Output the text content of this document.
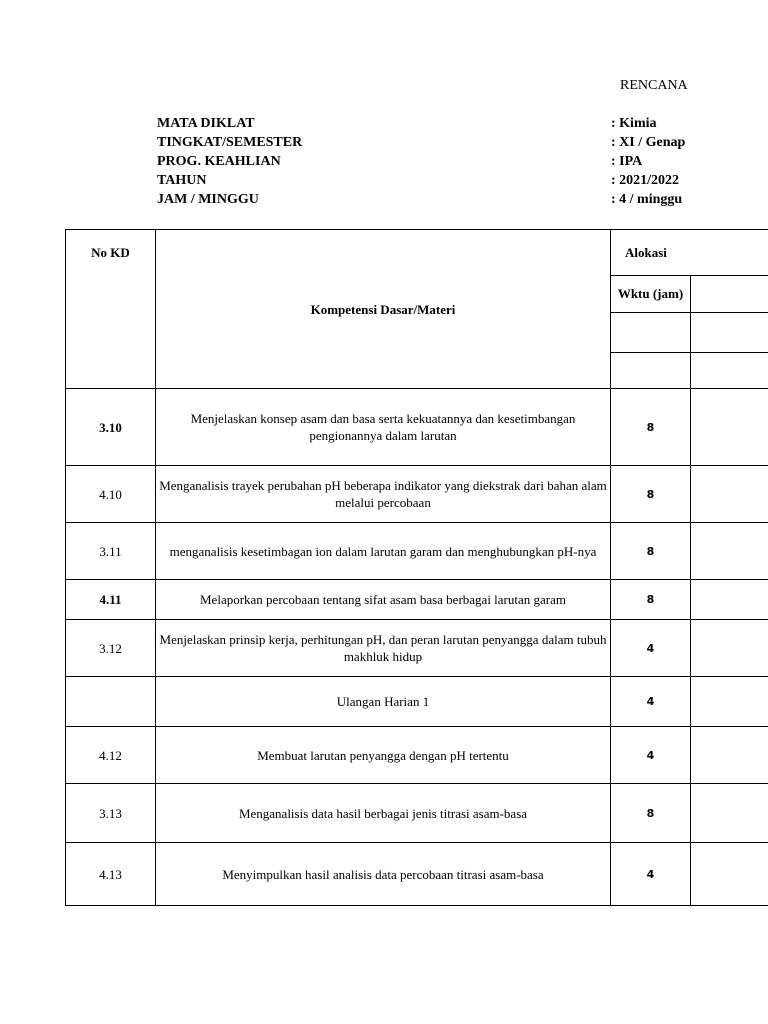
RENCANA
MATA DIKLAT	: Kimia
TINGKAT/SEMESTER	: XI / Genap
PROG. KEAHLIAN	: IPA
TAHUN	: 2021/2022
JAM / MINGGU	: 4 / minggu
No KD	Kompetensi Dasar/Materi	Alokasi	
		Wktu (jam)	

3.10	Menjelaskan konsep asam dan basa serta kekuatannya dan kesetimbangan pengionannya dalam larutan	8	
4.10	Menganalisis trayek perubahan pH beberapa indikator yang diekstrak dari bahan alam melalui percobaan	8	
3.11	menganalisis kesetimbagan ion dalam larutan garam dan menghubungkan pH-nya	8	
4.11	Melaporkan percobaan tentang sifat asam basa berbagai larutan garam	8	
3.12	Menjelaskan prinsip kerja, perhitungan pH, dan peran larutan penyangga dalam tubuh makhluk hidup	4	
	Ulangan Harian 1	4	
4.12	Membuat larutan penyangga dengan pH tertentu	4	
3.13	Menganalisis data hasil berbagai jenis titrasi asam-basa	8	
4.13	Menyimpulkan hasil analisis data percobaan titrasi asam-basa	4	
